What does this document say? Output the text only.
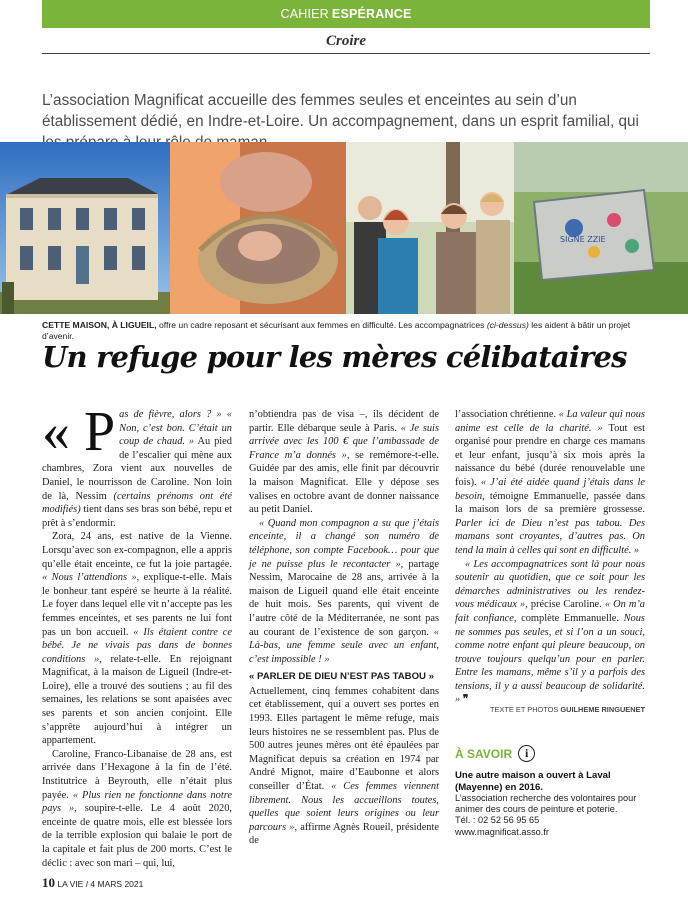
CAHIER ESPÉRANCE
Croire
L’association Magnificat accueille des femmes seules et enceintes au sein d’un établissement dédié, en Indre-et-Loire. Un accompagnement, dans un esprit familial, qui
SIGNE ZZIE
CETTE MAISON, À LIGUEIL, offre un cadre reposant et sécurisant aux femmes en difficulté. Les accompagnatrices (ci-dessus) les aident à bâtir un projet d’avenir.
Un refuge pour les mères célibataires

« P as de fièvre, alors ? » « Non, c’est bon. C’était un coup de chaud. » Au pied de l’escalier qui mène aux chambres, Zora vient aux nouvelles de Daniel, le nourrisson de Caroline. Non loin de là, Nessim (certains prénoms ont été modifiés) tient dans ses bras son bébé, repu et prêt à s’endormir.

Zora, 24 ans, est native de la Vienne. Lorsqu’avec son ex-compagnon, elle a appris qu’elle était enceinte, ce fut la joie partagée. « Nous l’attendions », explique-t-elle. Mais le bonheur tant espéré se heurte à la réalité. Le foyer dans lequel elle vit n’accepte pas les femmes enceintes, et ses parents ne lui font pas un bon accueil. « Ils étaient contre ce bébé. Je ne vivais pas dans de bonnes conditions », relate-t-elle. En rejoignant Magnificat, à la maison de Ligueil (Indre-et-Loire), elle a trouvé des soutiens ; au fil des semaines, les relations se sont apaisées avec ses parents et son ancien conjoint. Elle s’apprête aujourd’hui à intégrer un appartement.

Caroline, Franco-Libanaise de 28 ans, est arrivée dans l’Hexagone à la fin de l’été. Institutrice à Beyrouth, elle n’était plus payée. « Plus rien ne fonctionne dans notre pays », soupire-t-elle. Le 4 août 2020, enceinte de quatre mois, elle est blessée lors de la terrible explosion qui balaie le port de la capitale et fait plus de 200 morts. C’est le déclic : avec son mari – qui, lui,

n’obtiendra pas de visa –, ils décident de partir. Elle débarque seule à Paris. « Je suis arrivée avec les 100 € que l’ambassade de France m’a donnés », se remémore-t-elle. Guidée par des amis, elle finit par découvrir la maison Magnificat. Elle y dépose ses valises en octobre avant de donner naissance au petit Daniel.

« Quand mon compagnon a su que j’étais enceinte, il a changé son numéro de téléphone, son compte Facebook… pour que je ne puisse plus le recontacter », partage Nessim, Marocaine de 28 ans, arrivée à la maison de Ligueil quand elle était enceinte de huit mois. Ses parents, qui vivent de l’autre côté de la Méditerranée, ne sont pas au courant de l’existence de son garçon. « Là-bas, une femme seule avec un enfant, c’est impossible ! »

« PARLER DE DIEU N’EST PAS TABOU »

Actuellement, cinq femmes cohabitent dans cet établissement, qui a ouvert ses portes en 1993. Elles partagent le même refuge, mais leurs histoires ne se ressemblent pas. Plus de 500 autres jeunes mères ont été épaulées par Magnificat depuis sa création en 1974 par André Mignot, maire d’Eaubonne et alors conseiller d’État. « Ces femmes viennent librement. Nous les accueillons toutes, quelles que soient leurs origines ou leur parcours », affirme Agnès Roueil, présidente de

l’association chrétienne. « La valeur qui nous anime est celle de la charité. » Tout est organisé pour prendre en charge ces mamans et leur enfant, jusqu’à six mois après la naissance du bébé (durée renouvelable une fois). « J’ai été aidée quand j’étais dans le besoin, témoigne Emmanuelle, passée dans la maison lors de sa première grossesse. Parler ici de Dieu n’est pas tabou. Des mamans sont croyantes, d’autres pas. On tend la main à celles qui sont en difficulté. »

« Les accompagnatrices sont là pour nous soutenir au quotidien, que ce soit pour les démarches administratives ou les rendez-vous médicaux », précise Caroline. « On m’a fait confiance, complète Emmanuelle. Nous ne sommes pas seules, et si l’on a un souci, comme notre enfant qui pleure beaucoup, on trouve toujours quelqu’un pour en parler. Entre les mamans, même s’il y a parfois des tensions, il y a aussi beaucoup de solidarité. » ❞

TEXTE ET PHOTOS GUILHEME RINGUENET
À SAVOIR	i
Une autre maison a ouvert à Laval (Mayenne) en 2016.
L’association recherche des volontaires pour animer des cours de peinture et poterie.
Tél. : 02 52 56 95 65
www.magnificat.asso.fr
10 LA VIE / 4 MARS 2021
